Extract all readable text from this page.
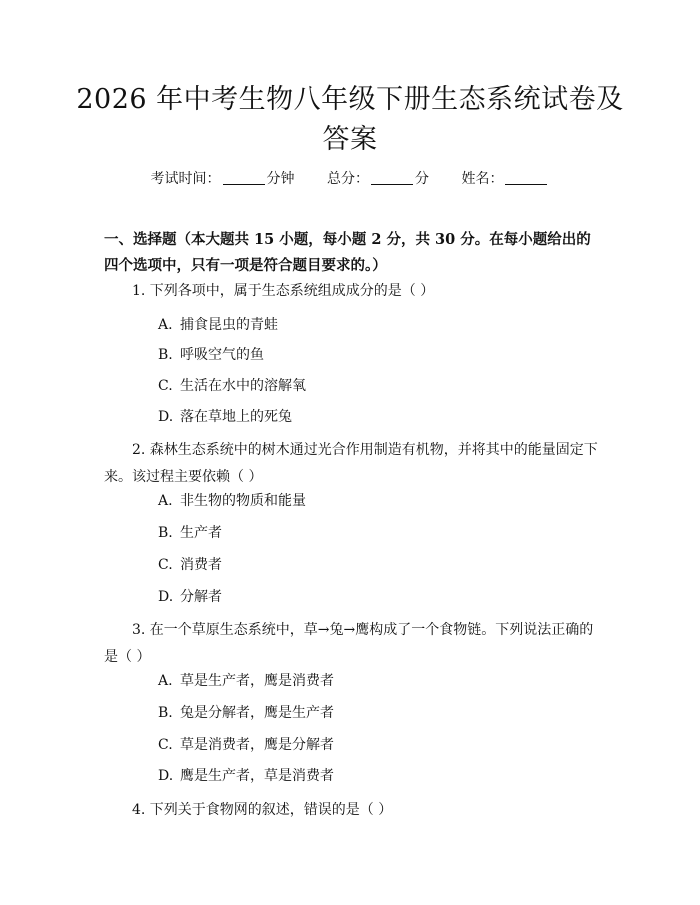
2026 年中考生物八年级下册生态系统试卷及
答案
考试时间：	分钟 总分：	分 姓名：
一、选择题（本大题共 15 小题，每小题 2 分，共 30 分。在每小题给出的四个选项中，只有一项是符合题目要求的。）
1. 下列各项中，属于生态系统组成成分的是（ ）
A. 捕食昆虫的青蛙
B. 呼吸空气的鱼
C. 生活在水中的溶解氧
D. 落在草地上的死兔
2. 森林生态系统中的树木通过光合作用制造有机物，并将其中的能量固定下来。该过程主要依赖（ ）
A. 非生物的物质和能量
B. 生产者
C. 消费者
D. 分解者
3. 在一个草原生态系统中，草→兔→鹰构成了一个食物链。下列说法正确的是（ ）
A. 草是生产者，鹰是消费者
B. 兔是分解者，鹰是生产者
C. 草是消费者，鹰是分解者
D. 鹰是生产者，草是消费者
4. 下列关于食物网的叙述，错误的是（ ）
